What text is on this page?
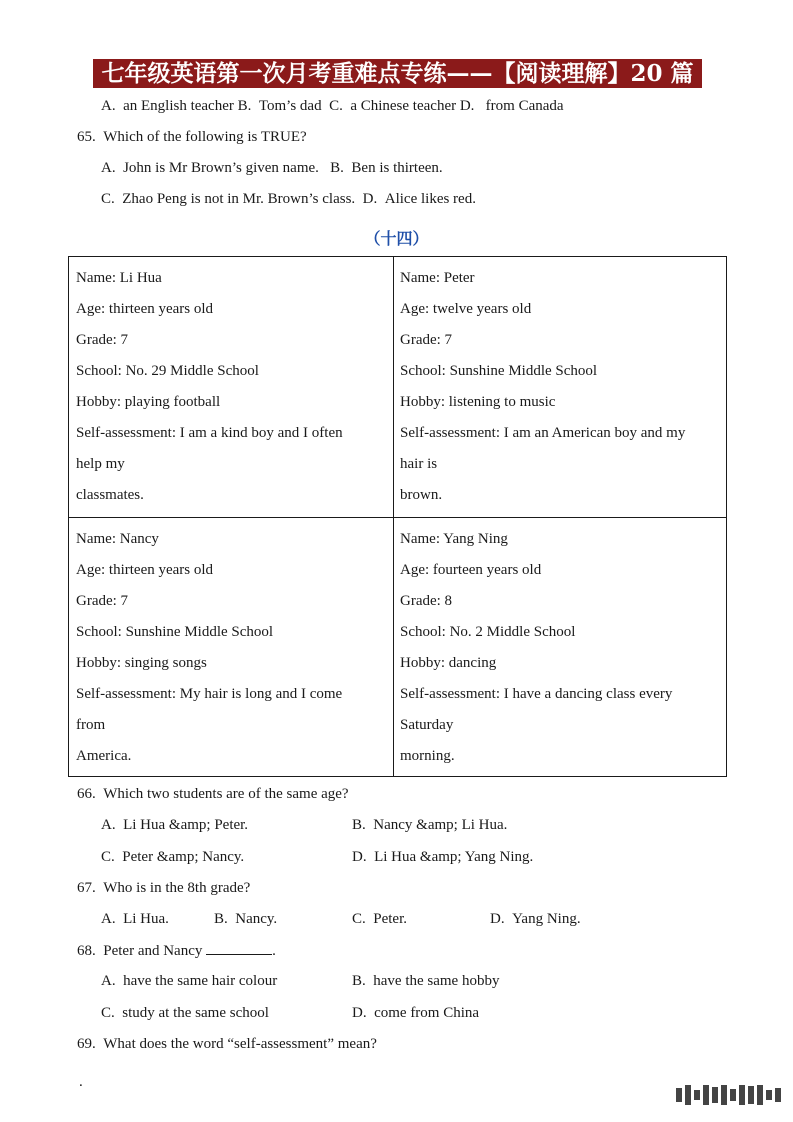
七年级英语第一次月考重难点专练——【阅读理解】20 篇
A.  an English teacher B.  Tom’s dad  C.  a Chinese teacher D.   from Canada
65.  Which of the following is TRUE?
A.  John is Mr Brown’s given name.   B.  Ben is thirteen.
C.  Zhao Peng is not in Mr. Brown’s class.  D.  Alice likes red.
（十四）
Name: Li Hua
Age: thirteen years old
Grade: 7
School: No. 29 Middle School
Hobby: playing football
Self-assessment: I am a kind boy and I often
help my
classmates.
Name: Peter
Age: twelve years old
Grade: 7
School: Sunshine Middle School
Hobby: listening to music
Self-assessment: I am an American boy and my
hair is
brown.
Name: Nancy
Age: thirteen years old
Grade: 7
School: Sunshine Middle School
Hobby: singing songs
Self-assessment: My hair is long and I come
from
America.
Name: Yang Ning
Age: fourteen years old
Grade: 8
School: No. 2 Middle School
Hobby: dancing
Self-assessment: I have a dancing class every
Saturday
morning.
66.  Which two students are of the same age?
A.  Li Hua &amp; Peter.	B.  Nancy &amp; Li Hua.
C.  Peter &amp; Nancy.	D.  Li Hua &amp; Yang Ning.
67.  Who is in the 8th grade?
A.  Li Hua.	B.  Nancy.	C.  Peter.	D.  Yang Ning.
68.  Peter and Nancy	.
A.  have the same hair colour	B.  have the same hobby
C.  study at the same school	D.  come from China
69.  What does the word “self-assessment” mean?
.
